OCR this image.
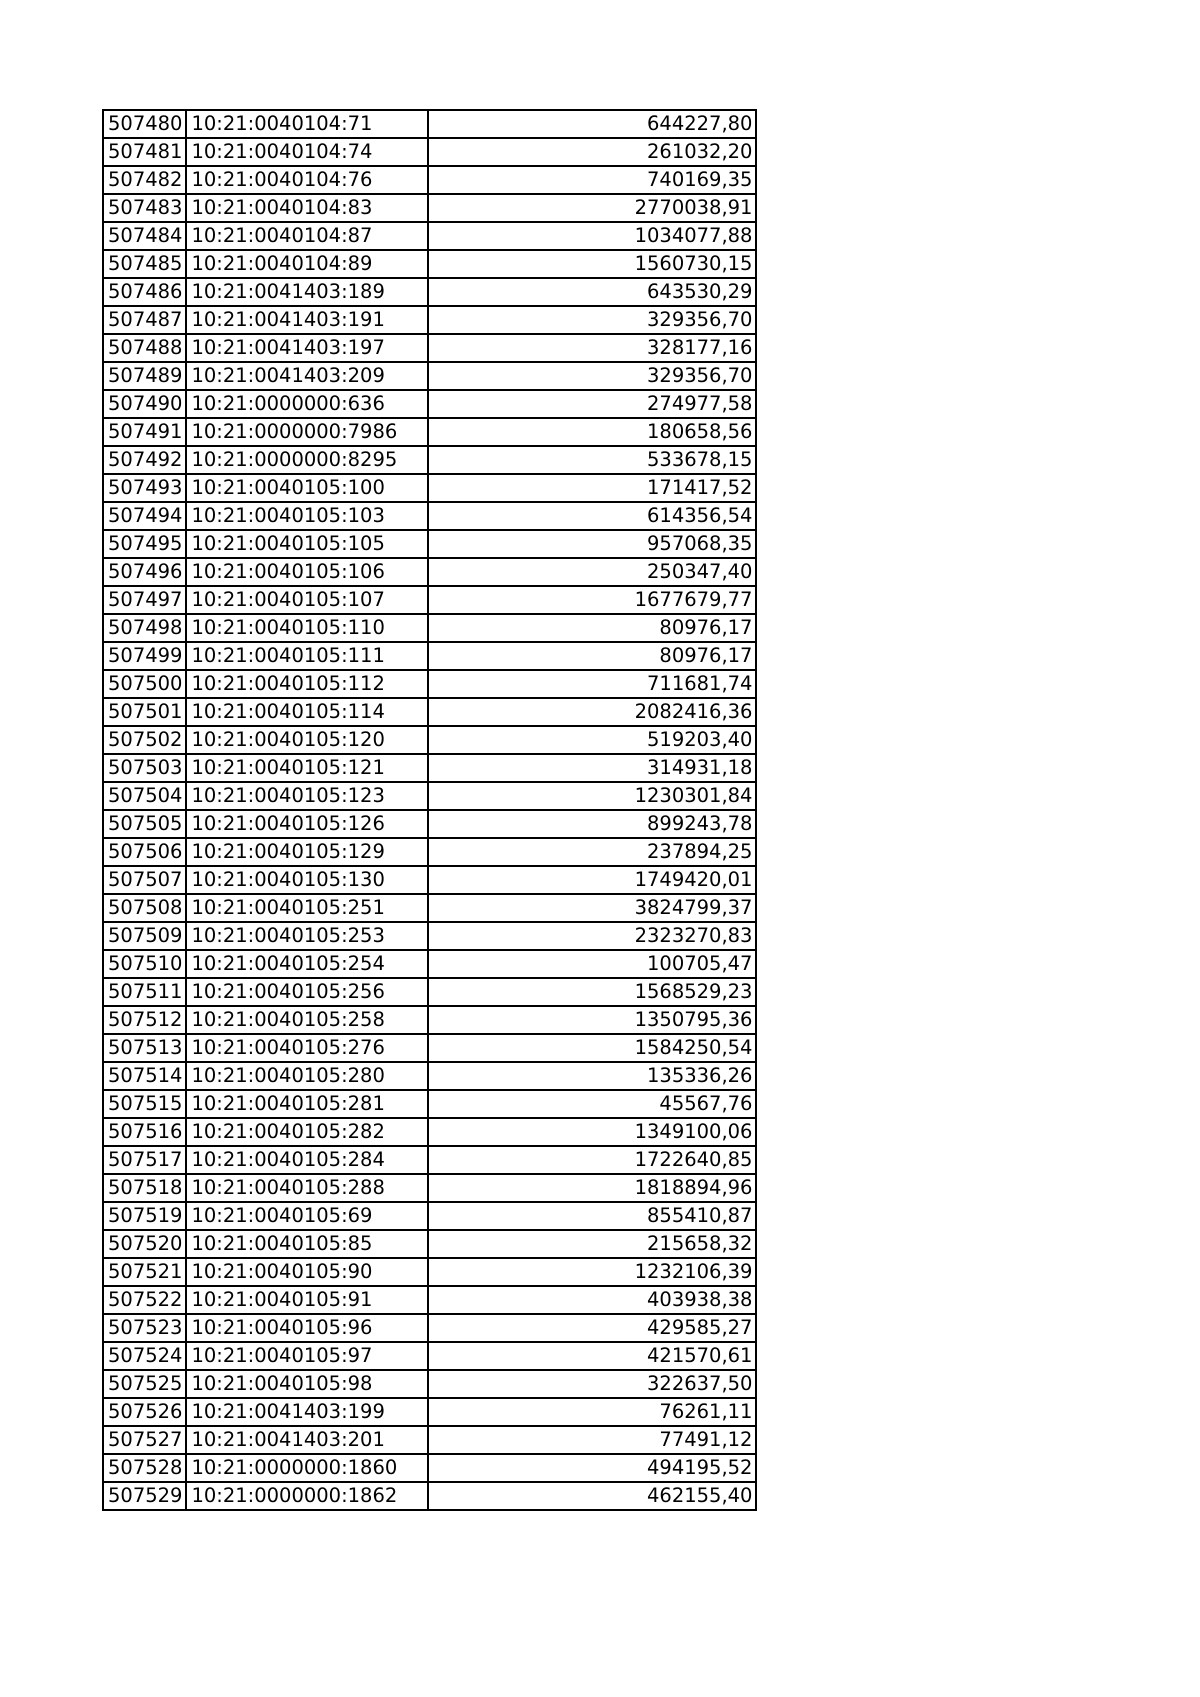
507480	10:21:0040104:71	644227,80
507481	10:21:0040104:74	261032,20
507482	10:21:0040104:76	740169,35
507483	10:21:0040104:83	2770038,91
507484	10:21:0040104:87	1034077,88
507485	10:21:0040104:89	1560730,15
507486	10:21:0041403:189	643530,29
507487	10:21:0041403:191	329356,70
507488	10:21:0041403:197	328177,16
507489	10:21:0041403:209	329356,70
507490	10:21:0000000:636	274977,58
507491	10:21:0000000:7986	180658,56
507492	10:21:0000000:8295	533678,15
507493	10:21:0040105:100	171417,52
507494	10:21:0040105:103	614356,54
507495	10:21:0040105:105	957068,35
507496	10:21:0040105:106	250347,40
507497	10:21:0040105:107	1677679,77
507498	10:21:0040105:110	80976,17
507499	10:21:0040105:111	80976,17
507500	10:21:0040105:112	711681,74
507501	10:21:0040105:114	2082416,36
507502	10:21:0040105:120	519203,40
507503	10:21:0040105:121	314931,18
507504	10:21:0040105:123	1230301,84
507505	10:21:0040105:126	899243,78
507506	10:21:0040105:129	237894,25
507507	10:21:0040105:130	1749420,01
507508	10:21:0040105:251	3824799,37
507509	10:21:0040105:253	2323270,83
507510	10:21:0040105:254	100705,47
507511	10:21:0040105:256	1568529,23
507512	10:21:0040105:258	1350795,36
507513	10:21:0040105:276	1584250,54
507514	10:21:0040105:280	135336,26
507515	10:21:0040105:281	45567,76
507516	10:21:0040105:282	1349100,06
507517	10:21:0040105:284	1722640,85
507518	10:21:0040105:288	1818894,96
507519	10:21:0040105:69	855410,87
507520	10:21:0040105:85	215658,32
507521	10:21:0040105:90	1232106,39
507522	10:21:0040105:91	403938,38
507523	10:21:0040105:96	429585,27
507524	10:21:0040105:97	421570,61
507525	10:21:0040105:98	322637,50
507526	10:21:0041403:199	76261,11
507527	10:21:0041403:201	77491,12
507528	10:21:0000000:1860	494195,52
507529	10:21:0000000:1862	462155,40
